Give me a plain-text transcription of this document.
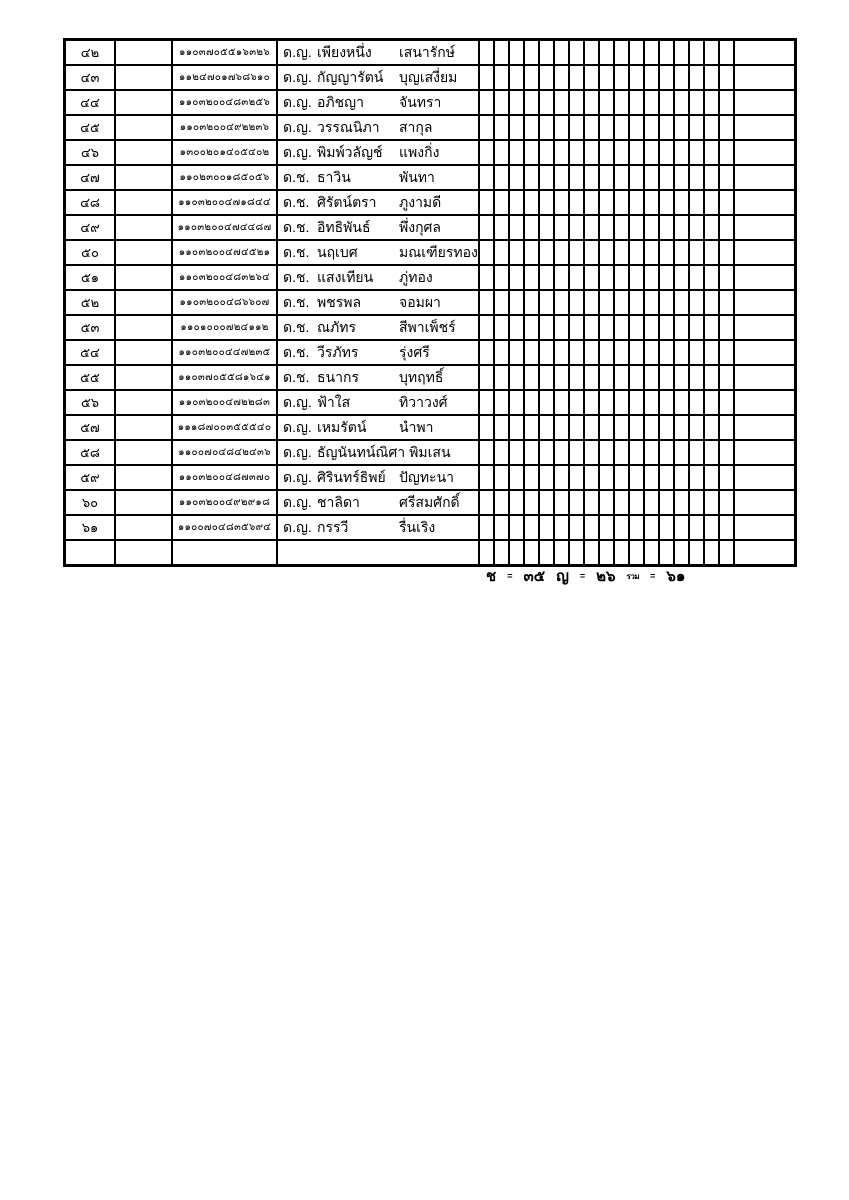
๔๒		๑๑๐๓๗๐๕๕๑๖๓๒๖	ด.ญ. เพียงหนึ่ง เสนารักษ์																		

๔๓		๑๑๒๔๗๐๑๗๖๘๖๑๐	ด.ญ. กัญญารัตน์ บุญเสงี่ยม																		

๔๔		๑๑๐๓๒๐๐๔๘๓๒๕๖	ด.ญ. อภิชญา จันทรา																		

๔๕		๑๑๐๓๒๐๐๔๙๒๒๓๖	ด.ญ. วรรณนิภา สากุล																		

๔๖		๑๓๐๐๒๐๑๔๐๕๔๐๒	ด.ญ. พิมพ์วลัญช์ แพงกิ่ง																		

๔๗		๑๑๐๒๓๐๐๑๘๕๐๕๖	ด.ช. ธาวิน พันทา																		

๔๘		๑๑๐๓๒๐๐๔๗๑๘๔๔	ด.ช. ศิรัตน์ตรา ภูงามดี																		

๔๙		๑๑๐๓๒๐๐๔๗๔๔๘๗	ด.ช. อิทธิพันธ์ พึ่งกุศล																		

๕๐		๑๑๐๓๒๐๐๔๗๔๕๒๑	ด.ช. นฤเบศ มณเฑียรทอง																		

๕๑		๑๑๐๓๒๐๐๔๘๓๒๖๔	ด.ช. แสงเทียน ภู่ทอง																		

๕๒		๑๑๐๓๒๐๐๔๘๖๖๐๗	ด.ช. พชรพล จอมผา																		

๕๓		๑๑๐๑๐๐๐๗๒๔๑๑๒	ด.ช. ณภัทร สีพาเพ็ชร์																		

๕๔		๑๑๐๓๒๐๐๔๔๗๒๓๕	ด.ช. วีรภัทร รุ่งศรี																		

๕๕		๑๑๐๓๗๐๕๕๘๑๖๔๑	ด.ช. ธนากร บุทฤทธิ์																		

๕๖		๑๑๐๓๒๐๐๔๗๒๒๘๓	ด.ญ. ฟ้าใส ทิวาวงศ์																		

๕๗		๑๑๑๘๗๐๐๓๕๕๕๔๐	ด.ญ. เหมรัตน์ นำพา																		

๕๘		๑๑๐๐๗๐๔๘๔๒๔๓๖	ด.ญ. ธัญนันทน์ณิศา พิมเสน																		

๕๙		๑๑๐๓๒๐๐๔๘๗๓๗๐	ด.ญ. ศิรินทร์ธิพย์ ปัญทะนา																		

๖๐		๑๑๐๓๒๐๐๔๙๒๙๑๘	ด.ญ. ชาลิดา ศรีสมศักดิ์																		

๖๑		๑๑๐๐๗๐๔๘๓๕๖๙๔	ด.ญ. กรรวี รื่นเริง																		

ช = ๓๕ ญ = ๒๖ รวม = ๖๑
